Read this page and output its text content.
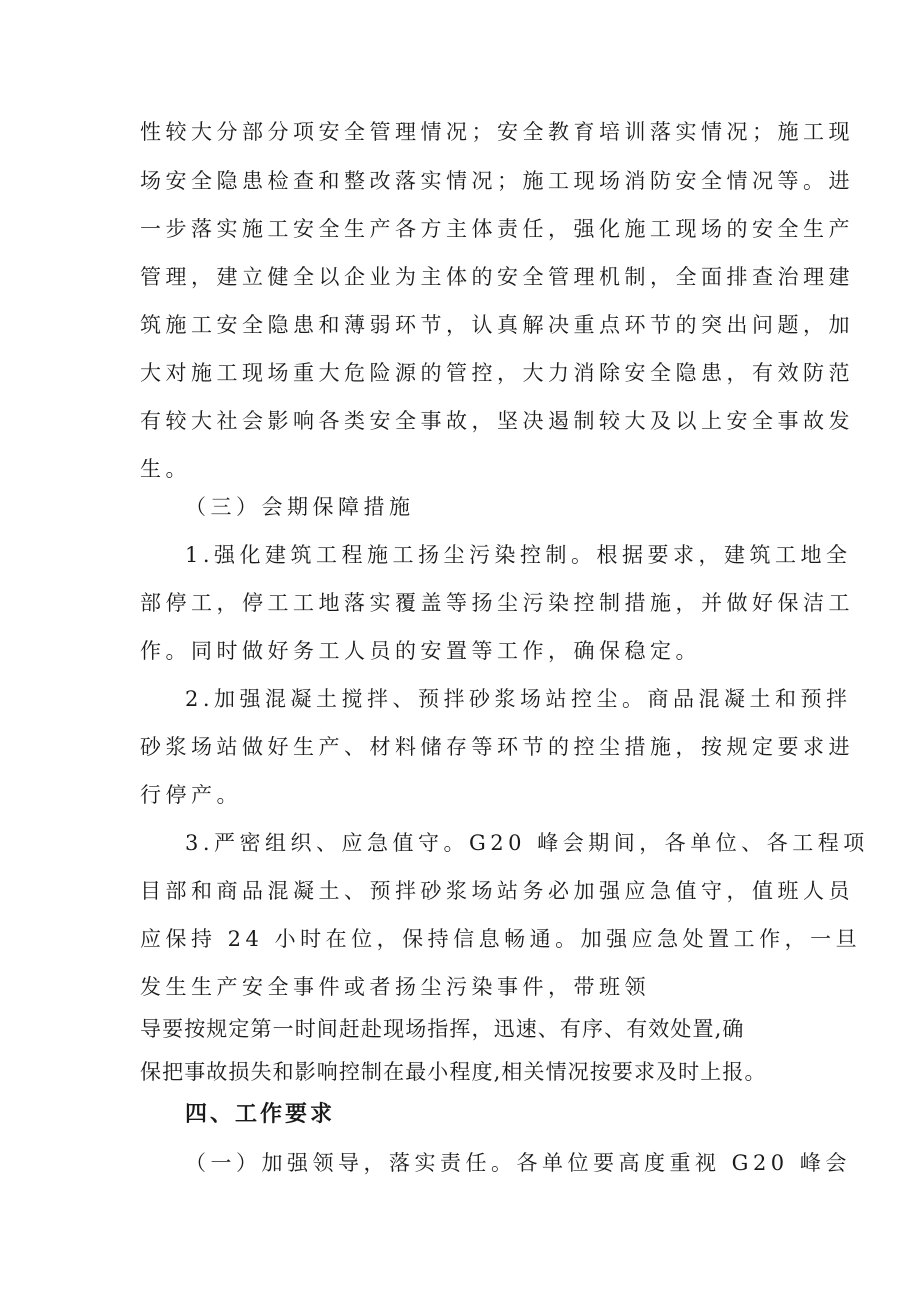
性较大分部分项安全管理情况；安全教育培训落实情况；施工现
场安全隐患检查和整改落实情况；施工现场消防安全情况等。进
一步落实施工安全生产各方主体责任，强化施工现场的安全生产
管理，建立健全以企业为主体的安全管理机制，全面排查治理建
筑施工安全隐患和薄弱环节，认真解决重点环节的突出问题，加
大对施工现场重大危险源的管控，大力消除安全隐患，有效防范
有较大社会影响各类安全事故，坚决遏制较大及以上安全事故发
生。
（三）会期保障措施
1.强化建筑工程施工扬尘污染控制。根据要求，建筑工地全
部停工，停工工地落实覆盖等扬尘污染控制措施，并做好保洁工
作。同时做好务工人员的安置等工作，确保稳定。
2.加强混凝土搅拌、预拌砂浆场站控尘。商品混凝土和预拌
砂浆场站做好生产、材料储存等环节的控尘措施，按规定要求进
行停产。
3.严密组织、应急值守。G20 峰会期间，各单位、各工程项
目部和商品混凝土、预拌砂浆场站务必加强应急值守，值班人员
应保持 24 小时在位，保持信息畅通。加强应急处置工作，一旦
发生生产安全事件或者扬尘污染事件，带班领
导要按规定第一时间赶赴现场指挥，迅速、有序、有效处置,确
保把事故损失和影响控制在最小程度,相关情况按要求及时上报。
四、工作要求
（一）加强领导，落实责任。各单位要高度重视 G20 峰会
